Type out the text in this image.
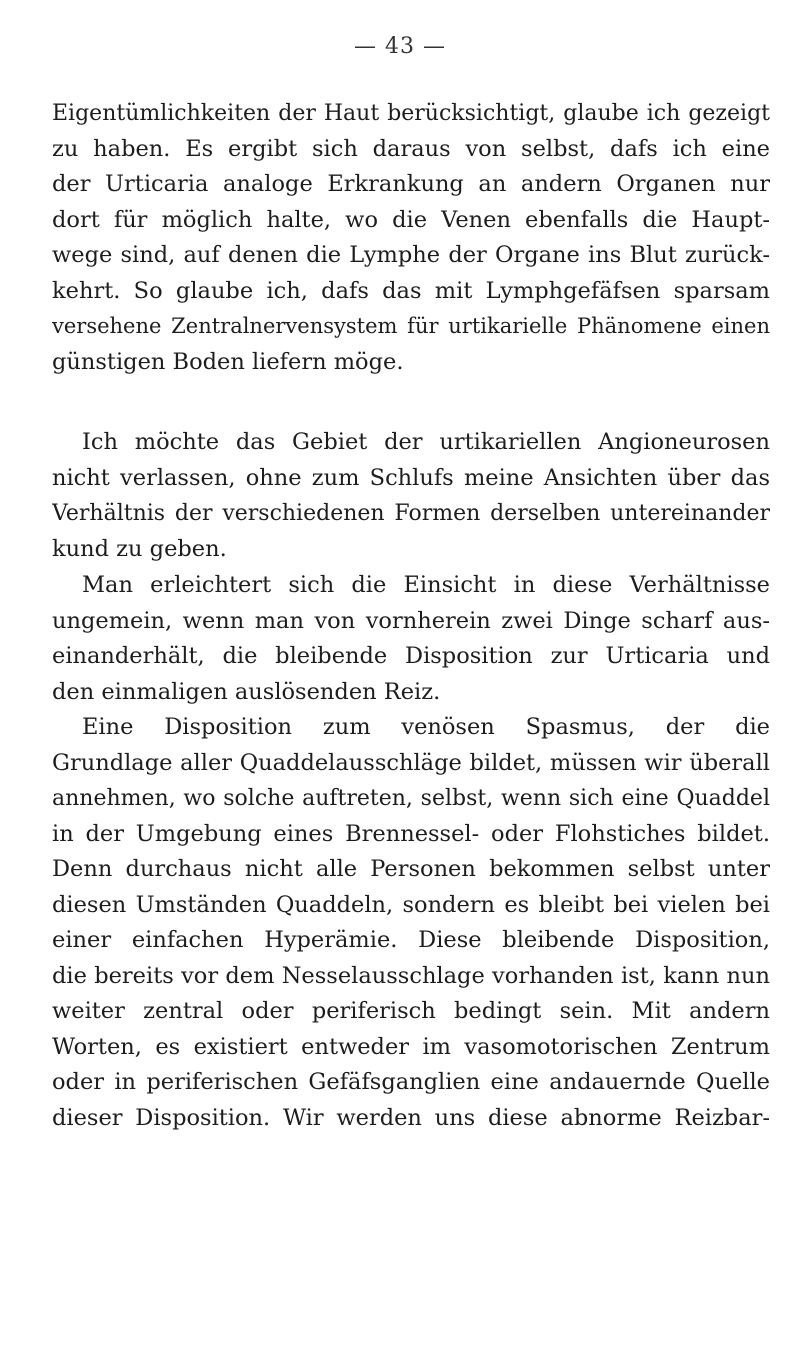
— 43 —
Eigentümlichkeiten der Haut berücksichtigt, glaube ich gezeigt
zu haben. Es ergibt sich daraus von selbst, dafs ich eine
der Urticaria analoge Erkrankung an andern Organen nur
dort für möglich halte, wo die Venen ebenfalls die Haupt-
wege sind, auf denen die Lymphe der Organe ins Blut zurück-
kehrt. So glaube ich, dafs das mit Lymphgefäfsen sparsam
versehene Zentralnervensystem für urtikarielle Phänomene einen
günstigen Boden liefern möge.
Ich möchte das Gebiet der urtikariellen Angioneurosen
nicht verlassen, ohne zum Schlufs meine Ansichten über das
Verhältnis der verschiedenen Formen derselben untereinander
kund zu geben.
Man erleichtert sich die Einsicht in diese Verhältnisse
ungemein, wenn man von vornherein zwei Dinge scharf aus-
einanderhält, die bleibende Disposition zur Urticaria und
den einmaligen auslösenden Reiz.
Eine Disposition zum venösen Spasmus, der die
Grundlage aller Quaddelausschläge bildet, müssen wir überall
annehmen, wo solche auftreten, selbst, wenn sich eine Quaddel
in der Umgebung eines Brennessel- oder Flohstiches bildet.
Denn durchaus nicht alle Personen bekommen selbst unter
diesen Umständen Quaddeln, sondern es bleibt bei vielen bei
einer einfachen Hyperämie. Diese bleibende Disposition,
die bereits vor dem Nesselausschlage vorhanden ist, kann nun
weiter zentral oder periferisch bedingt sein. Mit andern
Worten, es existiert entweder im vasomotorischen Zentrum
oder in periferischen Gefäfsganglien eine andauernde Quelle
dieser Disposition. Wir werden uns diese abnorme Reizbar-
